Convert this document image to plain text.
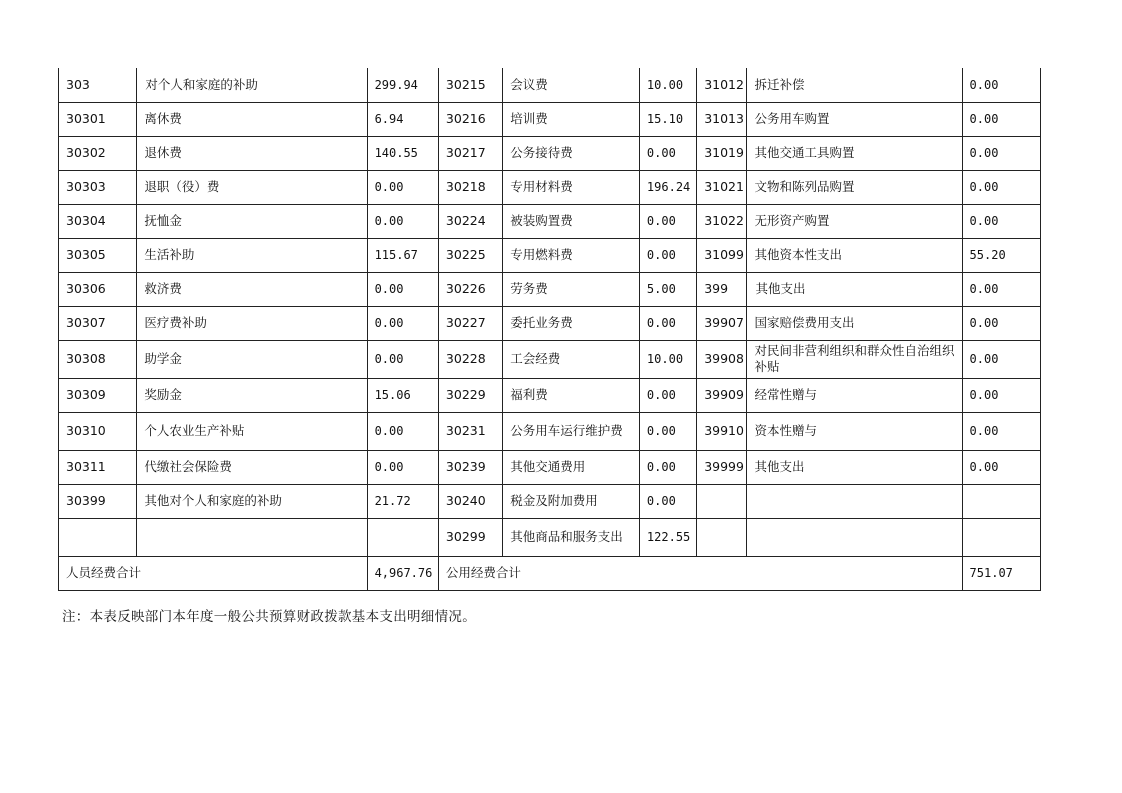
303	对个人和家庭的补助	299.94	30215	会议费	10.00	31012	拆迁补偿	0.00
30301	离休费	6.94	30216	培训费	15.10	31013	公务用车购置	0.00
30302	退休费	140.55	30217	公务接待费	0.00	31019	其他交通工具购置	0.00
30303	退职（役）费	0.00	30218	专用材料费	196.24	31021	文物和陈列品购置	0.00
30304	抚恤金	0.00	30224	被装购置费	0.00	31022	无形资产购置	0.00
30305	生活补助	115.67	30225	专用燃料费	0.00	31099	其他资本性支出	55.20
30306	救济费	0.00	30226	劳务费	5.00	399	其他支出	0.00
30307	医疗费补助	0.00	30227	委托业务费	0.00	39907	国家赔偿费用支出	0.00
30308	助学金	0.00	30228	工会经费	10.00	39908	对民间非营利组织和群众性自治组织补贴	0.00
30309	奖励金	15.06	30229	福利费	0.00	39909	经常性赠与	0.00
30310	个人农业生产补贴	0.00	30231	公务用车运行维护费	0.00	39910	资本性赠与	0.00
30311	代缴社会保险费	0.00	30239	其他交通费用	0.00	39999	其他支出	0.00
30399	其他对个人和家庭的补助	21.72	30240	税金及附加费用	0.00			
			30299	其他商品和服务支出	122.55			
人员经费合计		4,967.76	公用经费合计					751.07
注：本表反映部门本年度一般公共预算财政拨款基本支出明细情况。
